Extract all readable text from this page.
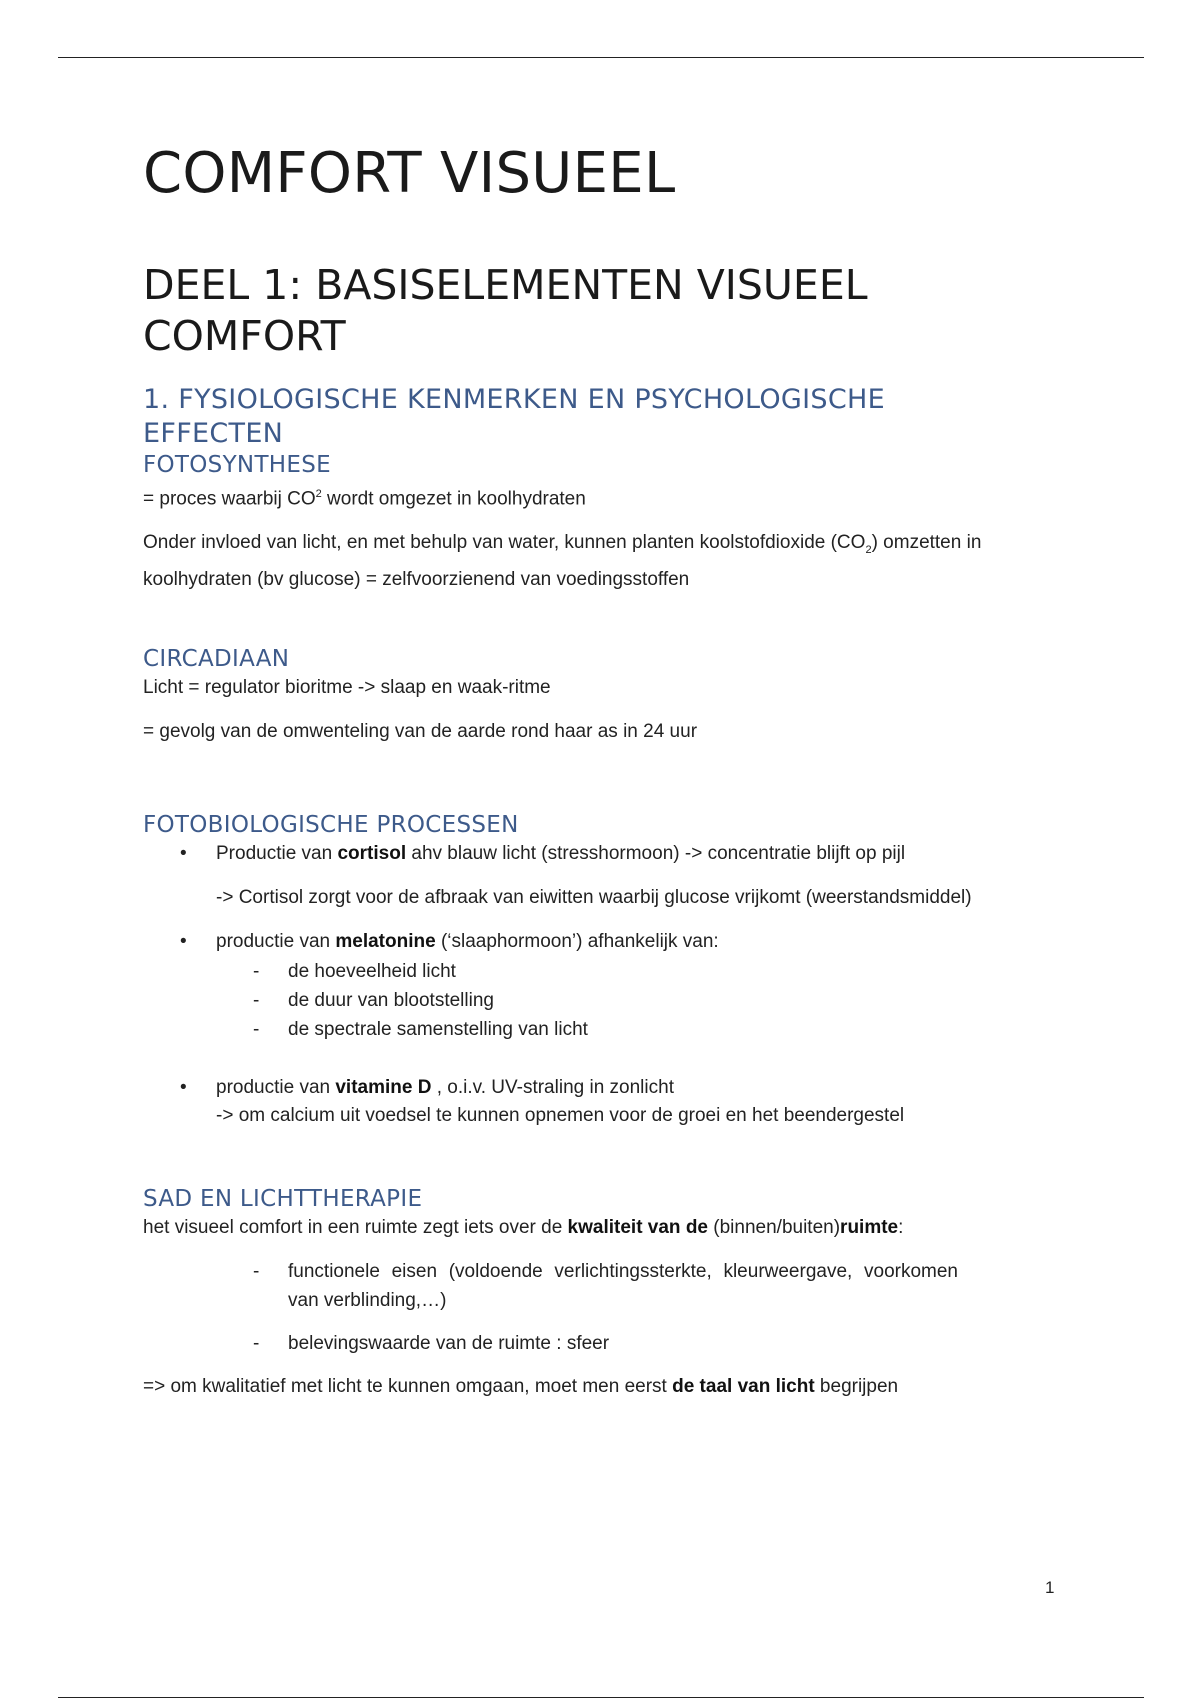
COMFORT VISUEEL
DEEL 1: BASISELEMENTEN VISUEEL COMFORT
1. FYSIOLOGISCHE KENMERKEN EN PSYCHOLOGISCHE EFFECTEN
FOTOSYNTHESE

= proces waarbij $CO^2$ wordt omgezet in koolhydraten

Onder invloed van licht, en met behulp van water, kunnen planten koolstofdioxide $(CO_2)$ omzetten in koolhydraten (bv glucose) = zelfvoorzienend van voedingsstoffen

CIRCADIAAN

Licht = regulator bioritme -> slaap en waak-ritme

= gevolg van de omwenteling van de aarde rond haar as in 24 uur

FOTOBIOLOGISCHE PROCESSEN
• Productie van cortisol ahv blauw licht (stresshormoon) -> concentratie blijft op pijl
-> Cortisol zorgt voor de afbraak van eiwitten waarbij glucose vrijkomt (weerstandsmiddel)
• productie van melatonine (‘slaaphormoon’) afhankelijk van:
- de hoeveelheid licht
- de duur van blootstelling
- de spectrale samenstelling van licht
• productie van vitamine D , o.i.v. UV-straling in zonlicht
-> om calcium uit voedsel te kunnen opnemen voor de groei en het beendergestel
SAD EN LICHTTHERAPIE

het visueel comfort in een ruimte zegt iets over de kwaliteit van de (binnen/buiten)ruimte:

- functionele eisen (voldoende verlichtingssterkte, kleurweergave, voorkomen van verblinding,…)
- belevingswaarde van de ruimte : sfeer

=> om kwalitatief met licht te kunnen omgaan, moet men eerst de taal van licht begrijpen

1
